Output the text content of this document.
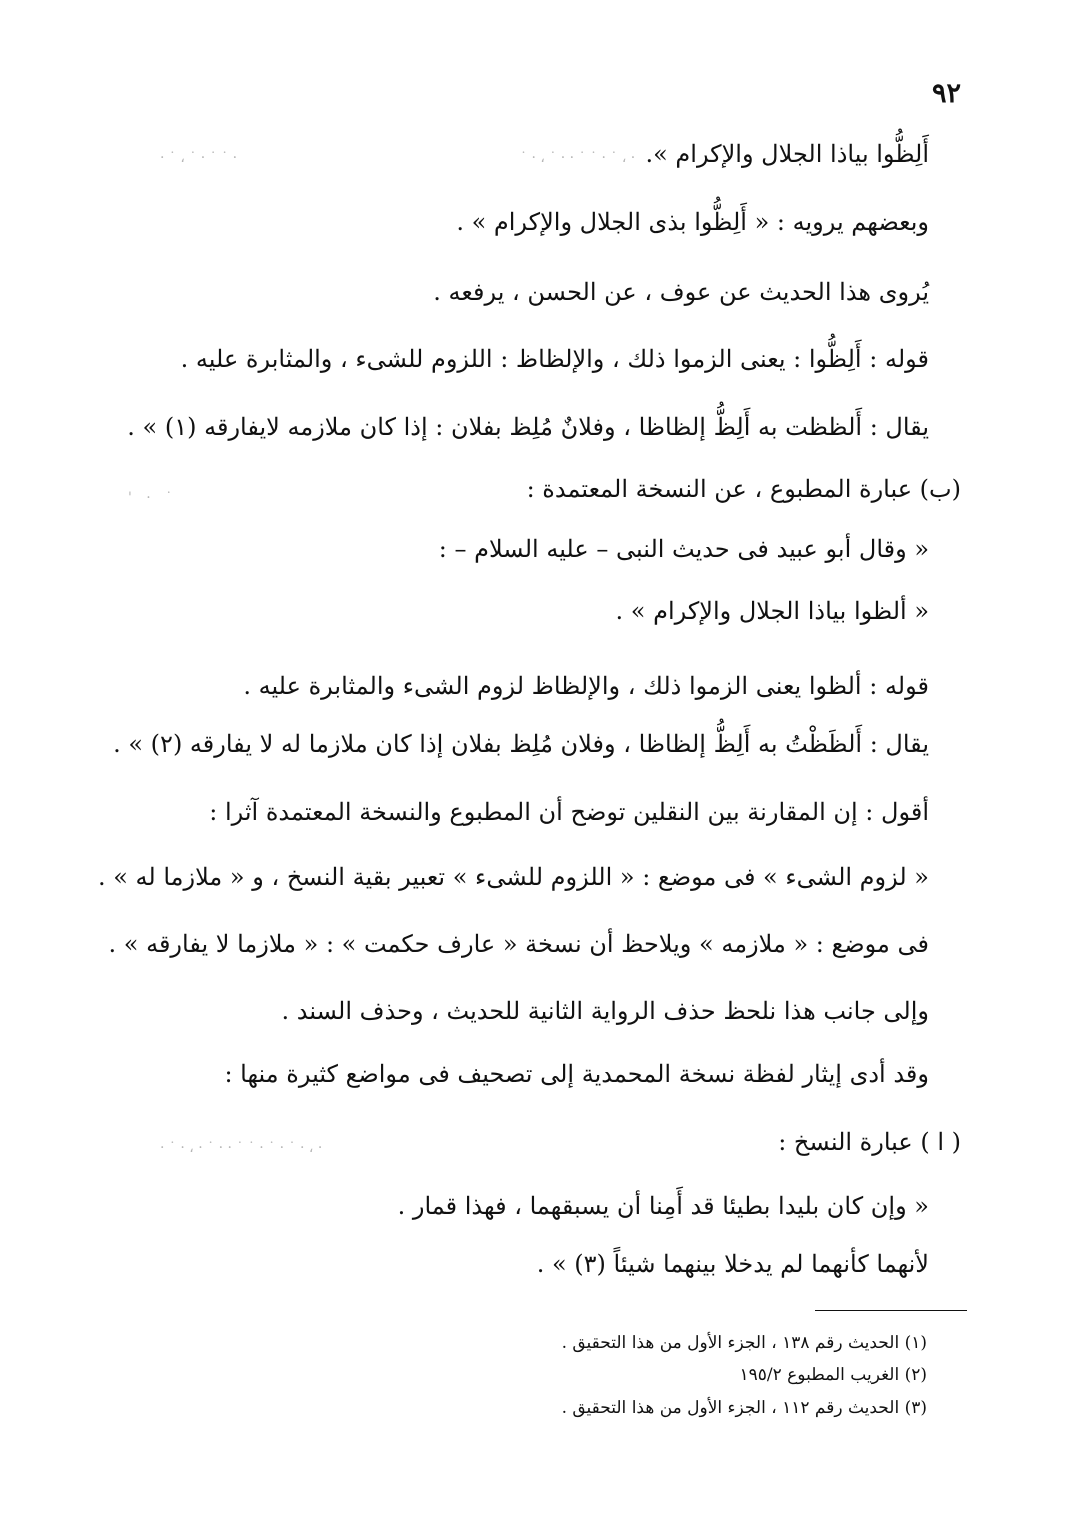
٩٢
· ˙ ، ˙ · ˙ ˙ ·	˙ · ، ˙ · · ˙ ˙ · ˙ ، ·
' · ˙
· ˙ · ، · ˙ · · ˙ ˙ · ˙ · ˙ · ، ·
أَلِظُّوا بياذا الجلال والإكرام ».
وبعضهم يرويه : « أَلِظُّوا بذى الجلال والإكرام » .
يُروى هذا الحديث عن عوف ، عن الحسن ، يرفعه .
قوله : أَلِظُّوا : يعنى الزموا ذلك ، والإلظاظ : اللزوم للشىء ، والمثابرة عليه .
يقال : أَلظظت به أَلِظُّ إلظاظا ، وفلانٌ مُلِظ بفلان : إذا كان ملازمه لايفارقه (١) » .
(ب) عبارة المطبوع ، عن النسخة المعتمدة :
« وقال أبو عبيد فى حديث النبى – عليه السلام – :
« ألظوا بياذا الجلال والإكرام » .
قوله : ألظوا يعنى الزموا ذلك ، والإلظاظ لزوم الشىء والمثابرة عليه .
يقال : أَلظَظْتُ به أَلِظُّ إلظاظا ، وفلان مُلِظ بفلان إذا كان ملازما له لا يفارقه (٢) » .
أقول : إن المقارنة بين النقلين توضح أن المطبوع والنسخة المعتمدة آثرا :
« لزوم الشىء » فى موضع : « اللزوم للشىء » تعبير بقية النسخ ، و « ملازما له » .
فى موضع : « ملازمه » ويلاحظ أن نسخة « عارف حكمت » : « ملازما لا يفارقه » .
وإلى جانب هذا نلحظ حذف الرواية الثانية للحديث ، وحذف السند .
وقد أدى إيثار لفظة نسخة المحمدية إلى تصحيف فى مواضع كثيرة منها :
( ا ) عبارة النسخ :
« وإن كان بليدا بطيئا قد أَمِنا أن يسبقهما ، فهذا قمار .
لأنهما كأنهما لم يدخلا بينهما شيئاً (٣) » .
(١) الحديث رقم ١٣٨ ، الجزء الأول من هذا التحقيق .
(٢) الغريب المطبوع ١٩٥/٢
(٣) الحديث رقم ١١٢ ، الجزء الأول من هذا التحقيق .
